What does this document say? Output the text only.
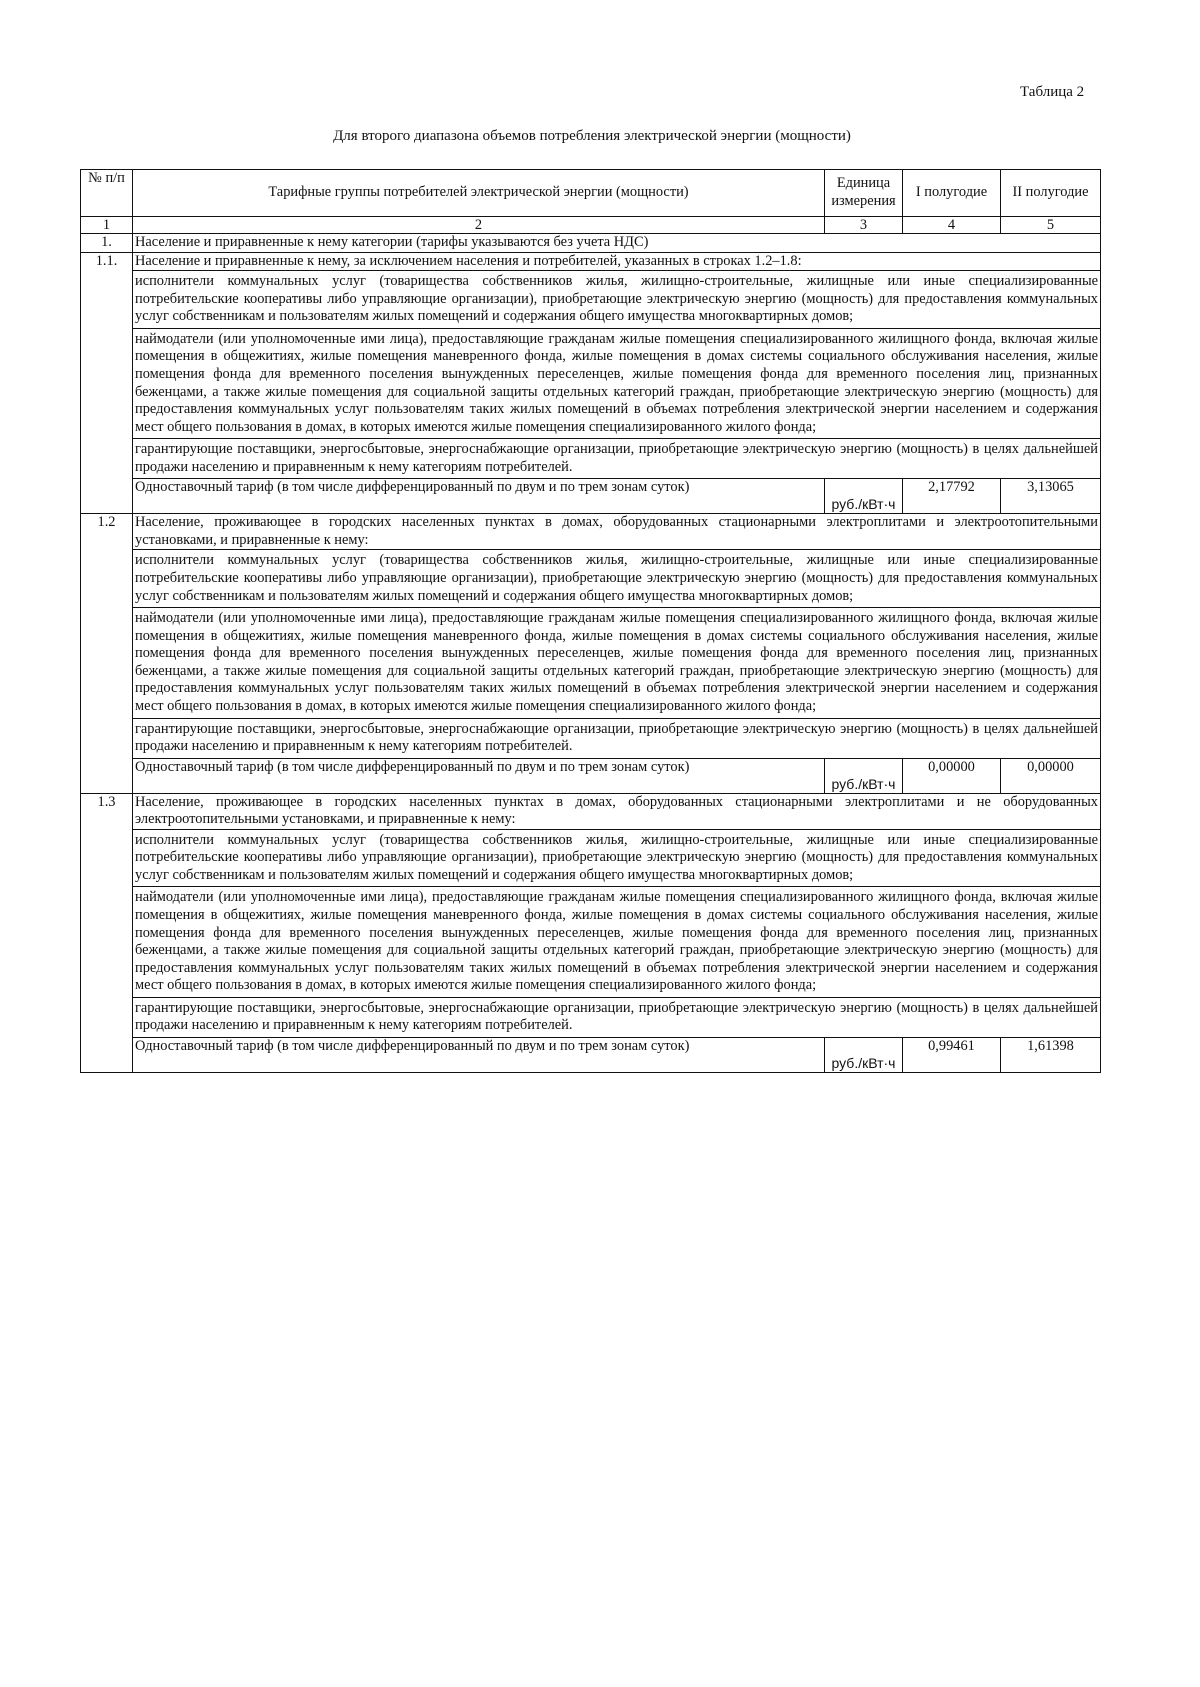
Таблица 2
Для второго диапазона объемов потребления электрической энергии (мощности)
№ п/п	Тарифные группы потребителей электрической энергии (мощности)	Единица измерения	I полугодие	II полугодие
1	2	3	4	5
1.	Население и приравненные к нему категории (тарифы указываются без учета НДС)			
1.1.	Население и приравненные к нему, за исключением населения и потребителей, указанных в строках 1.2–1.8:			
	исполнители коммунальных услуг (товарищества собственников жилья, жилищно-строительные, жилищные или иные специализированные потребительские кооперативы либо управляющие организации), приобретающие электрическую энергию (мощность) для предоставления коммунальных услуг собственникам и пользователям жилых помещений и содержания общего имущества многоквартирных домов;			
	наймодатели (или уполномоченные ими лица), предоставляющие гражданам жилые помещения специализированного жилищного фонда, включая жилые помещения в общежитиях, жилые помещения маневренного фонда, жилые помещения в домах системы социального обслуживания населения, жилые помещения фонда для временного поселения вынужденных переселенцев, жилые помещения фонда для временного поселения лиц, признанных беженцами, а также жилые помещения для социальной защиты отдельных категорий граждан, приобретающие электрическую энергию (мощность) для предоставления коммунальных услуг пользователям таких жилых помещений в объемах потребления электрической энергии населением и содержания мест общего пользования в домах, в которых имеются жилые помещения специализированного жилого фонда;			
	гарантирующие поставщики, энергосбытовые, энергоснабжающие организации, приобретающие электрическую энергию (мощность) в целях дальнейшей продажи населению и приравненным к нему категориям потребителей.			
	Одноставочный тариф (в том числе дифференцированный по двум и по трем зонам суток)	руб./кВт·ч	2,17792	3,13065
1.2	Население, проживающее в городских населенных пунктах в домах, оборудованных стационарными электроплитами и электроотопительными установками, и приравненные к нему:			
	исполнители коммунальных услуг (товарищества собственников жилья, жилищно-строительные, жилищные или иные специализированные потребительские кооперативы либо управляющие организации), приобретающие электрическую энергию (мощность) для предоставления коммунальных услуг собственникам и пользователям жилых помещений и содержания общего имущества многоквартирных домов;			
	наймодатели (или уполномоченные ими лица), предоставляющие гражданам жилые помещения специализированного жилищного фонда, включая жилые помещения в общежитиях, жилые помещения маневренного фонда, жилые помещения в домах системы социального обслуживания населения, жилые помещения фонда для временного поселения вынужденных переселенцев, жилые помещения фонда для временного поселения лиц, признанных беженцами, а также жилые помещения для социальной защиты отдельных категорий граждан, приобретающие электрическую энергию (мощность) для предоставления коммунальных услуг пользователям таких жилых помещений в объемах потребления электрической энергии населением и содержания мест общего пользования в домах, в которых имеются жилые помещения специализированного жилого фонда;			
	гарантирующие поставщики, энергосбытовые, энергоснабжающие организации, приобретающие электрическую энергию (мощность) в целях дальнейшей продажи населению и приравненным к нему категориям потребителей.			
	Одноставочный тариф (в том числе дифференцированный по двум и по трем зонам суток)	руб./кВт·ч	0,00000	0,00000
1.3	Население, проживающее в городских населенных пунктах в домах, оборудованных стационарными электроплитами и не оборудованных электроотопительными установками, и приравненные к нему:			
	исполнители коммунальных услуг (товарищества собственников жилья, жилищно-строительные, жилищные или иные специализированные потребительские кооперативы либо управляющие организации), приобретающие электрическую энергию (мощность) для предоставления коммунальных услуг собственникам и пользователям жилых помещений и содержания общего имущества многоквартирных домов;			
	наймодатели (или уполномоченные ими лица), предоставляющие гражданам жилые помещения специализированного жилищного фонда, включая жилые помещения в общежитиях, жилые помещения маневренного фонда, жилые помещения в домах системы социального обслуживания населения, жилые помещения фонда для временного поселения вынужденных переселенцев, жилые помещения фонда для временного поселения лиц, признанных беженцами, а также жилые помещения для социальной защиты отдельных категорий граждан, приобретающие электрическую энергию (мощность) для предоставления коммунальных услуг пользователям таких жилых помещений в объемах потребления электрической энергии населением и содержания мест общего пользования в домах, в которых имеются жилые помещения специализированного жилого фонда;			
	гарантирующие поставщики, энергосбытовые, энергоснабжающие организации, приобретающие электрическую энергию (мощность) в целях дальнейшей продажи населению и приравненным к нему категориям потребителей.			
	Одноставочный тариф (в том числе дифференцированный по двум и по трем зонам суток)	руб./кВт·ч	0,99461	1,61398
